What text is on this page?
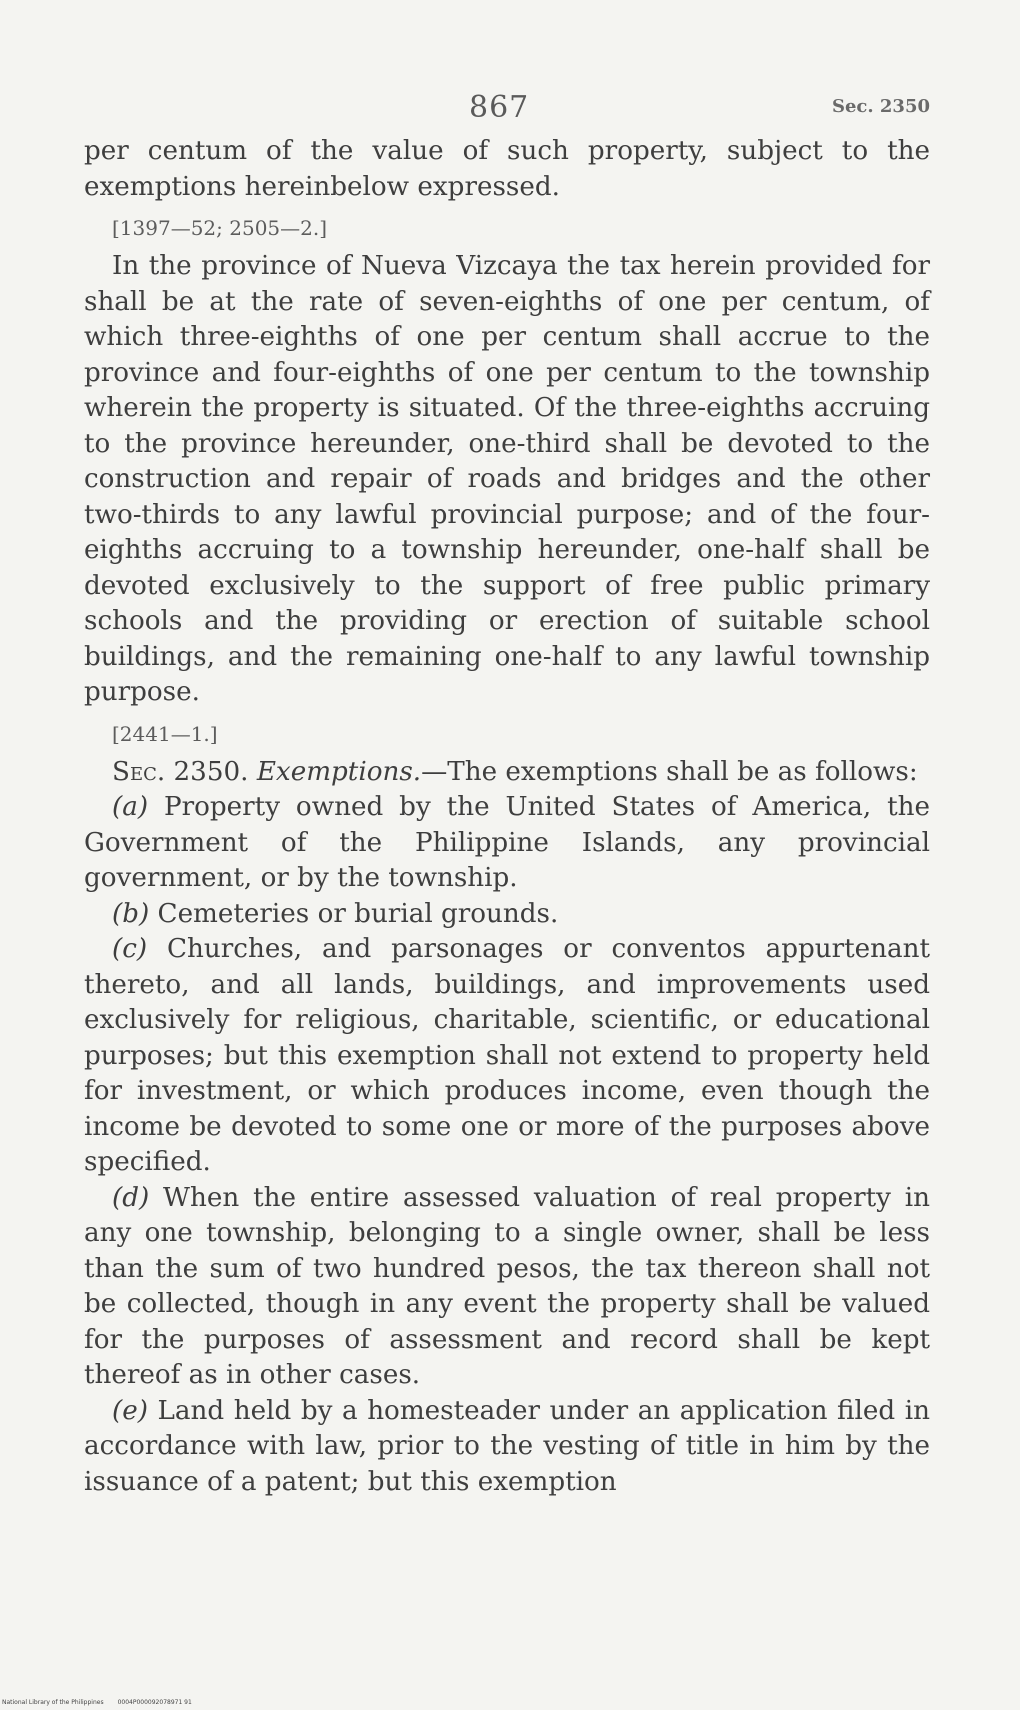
867	Sec. 2350

per centum of the value of such property, subject to the exemptions hereinbelow expressed.

[1397—52; 2505—2.]

In the province of Nueva Vizcaya the tax herein provided for shall be at the rate of seven-eighths of one per centum, of which three-eighths of one per centum shall accrue to the province and four-eighths of one per centum to the township wherein the property is situated. Of the three-eighths accruing to the province hereunder, one-third shall be devoted to the construction and repair of roads and bridges and the other two-thirds to any lawful provincial purpose; and of the four-eighths accruing to a township hereunder, one-half shall be devoted exclusively to the support of free public primary schools and the providing or erection of suitable school buildings, and the remaining one-half to any lawful township purpose.

[2441—1.]

Sec. 2350. Exemptions.—The exemptions shall be as follows:

(a) Property owned by the United States of America, the Government of the Philippine Islands, any provincial government, or by the township.

(b) Cemeteries or burial grounds.

(c) Churches, and parsonages or conventos appurtenant thereto, and all lands, buildings, and improvements used exclusively for religious, charitable, scientific, or educational purposes; but this exemption shall not extend to property held for investment, or which produces income, even though the income be devoted to some one or more of the purposes above specified.

(d) When the entire assessed valuation of real property in any one township, belonging to a single owner, shall be less than the sum of two hundred pesos, the tax thereon shall not be collected, though in any event the property shall be valued for the purposes of assessment and record shall be kept thereof as in other cases.

(e) Land held by a homesteader under an application filed in accordance with law, prior to the vesting of title in him by the issuance of a patent; but this exemption

National Library of the Philippines 0004P000092078971 91
